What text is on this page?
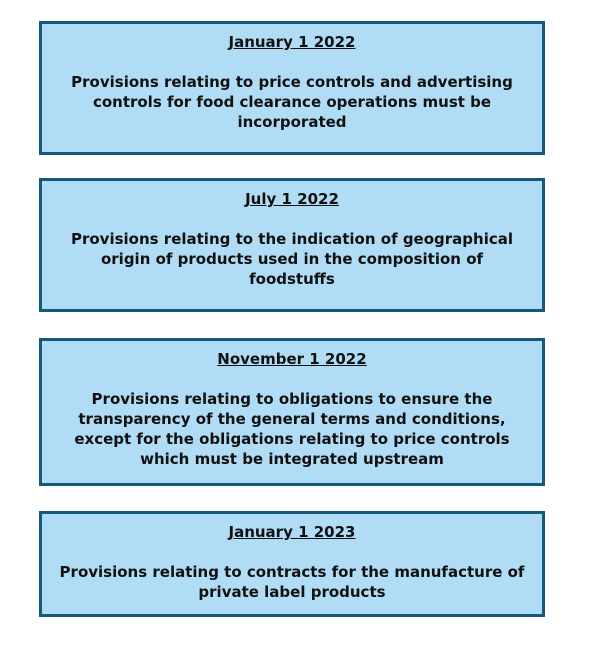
January 1 2022
Provisions relating to price controls and advertising controls for food clearance operations must be incorporated
July 1 2022
Provisions relating to the indication of geographical origin of products used in the composition of foodstuffs
November 1 2022
Provisions relating to obligations to ensure the transparency of the general terms and conditions, except for the obligations relating to price controls which must be integrated upstream
January 1 2023
Provisions relating to contracts for the manufacture of private label products
